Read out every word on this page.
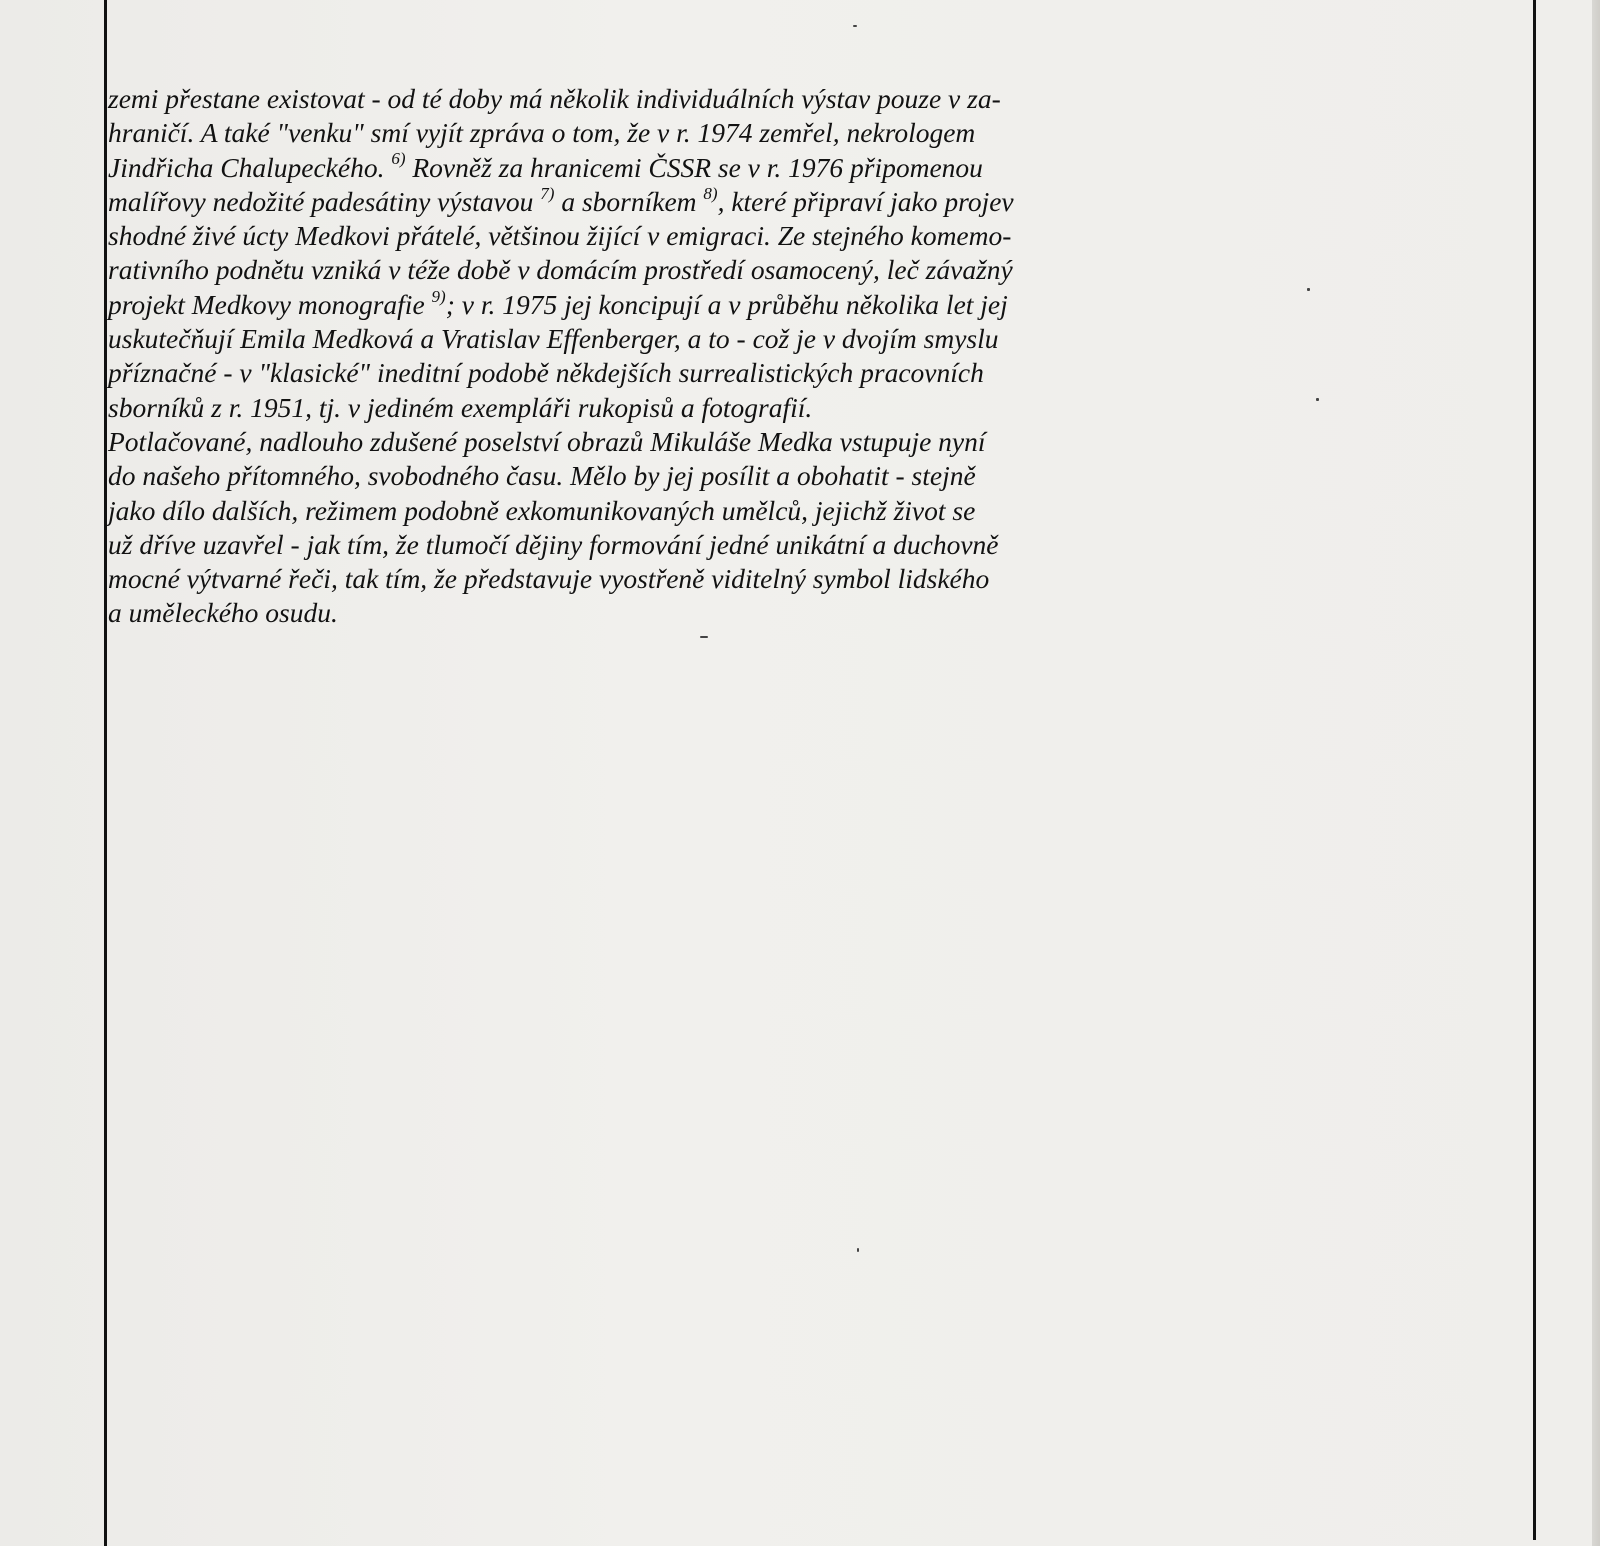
zemi přestane existovat - od té doby má několik individuálních výstav pouze v za-
hraničí. A také "venku" smí vyjít zpráva o tom, že v r. 1974 zemřel, nekrologem
Jindřicha Chalupeckého. $^{6)}$ Rovněž za hranicemi ČSSR se v r. 1976 připomenou
malířovy nedožité padesátiny výstavou $^{7)}$ a sborníkem $^{8)}$, které připraví jako projev
shodné živé úcty Medkovi přátelé, většinou žijící v emigraci. Ze stejného komemo-
rativního podnětu vzniká v téže době v domácím prostředí osamocený, leč závažný
projekt Medkovy monografie $^{9)}$; v r. 1975 jej koncipují a v průběhu několika let jej
uskutečňují Emila Medková a Vratislav Effenberger, a to - což je v dvojím smyslu
příznačné - v "klasické" ineditní podobě někdejších surrealistických pracovních
sborníků z r. 1951, tj. v jediném exempláři rukopisů a fotografií.
Potlačované, nadlouho zdušené poselství obrazů Mikuláše Medka vstupuje nyní
do našeho přítomného, svobodného času. Mělo by jej posílit a obohatit - stejně
jako dílo dalších, režimem podobně exkomunikovaných umělců, jejichž život se
už dříve uzavřel - jak tím, že tlumočí dějiny formování jedné unikátní a duchovně
mocné výtvarné řeči, tak tím, že představuje vyostřeně viditelný symbol lidského
a uměleckého osudu.
